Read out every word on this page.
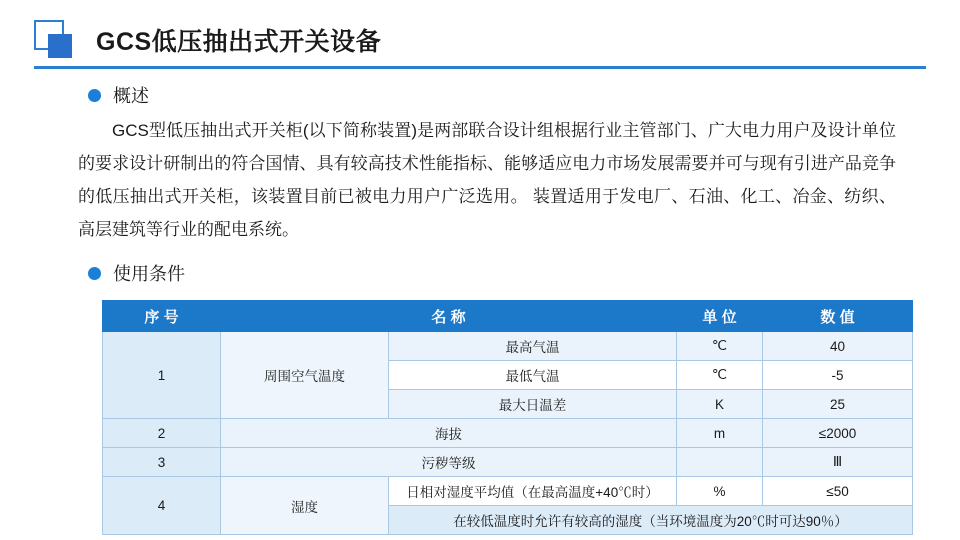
GCS低压抽出式开关设备
概述
GCS型低压抽出式开关柜(以下简称装置)是两部联合设计组根据行业主管部门、广大电力用户及设计单位的要求设计研制出的符合国情、具有较高技术性能指标、能够适应电力市场发展需要并可与现有引进产品竞争的低压抽出式开关柜，该装置目前已被电力用户广泛选用。 装置适用于发电厂、石油、化工、冶金、纺织、高层建筑等行业的配电系统。
使用条件
序 号	名 称		单 位	数 值
1	周围空气温度	最高气温	℃	40
		最低气温	℃	-5
		最大日温差	K	25
2	海拔		m	≤2000
3	污秽等级			Ⅲ
4	湿度	日相对湿度平均值（在最高温度+40℃时）	%	≤50
		在较低温度时允许有较高的湿度（当环境温度为20℃时可达90％）		
